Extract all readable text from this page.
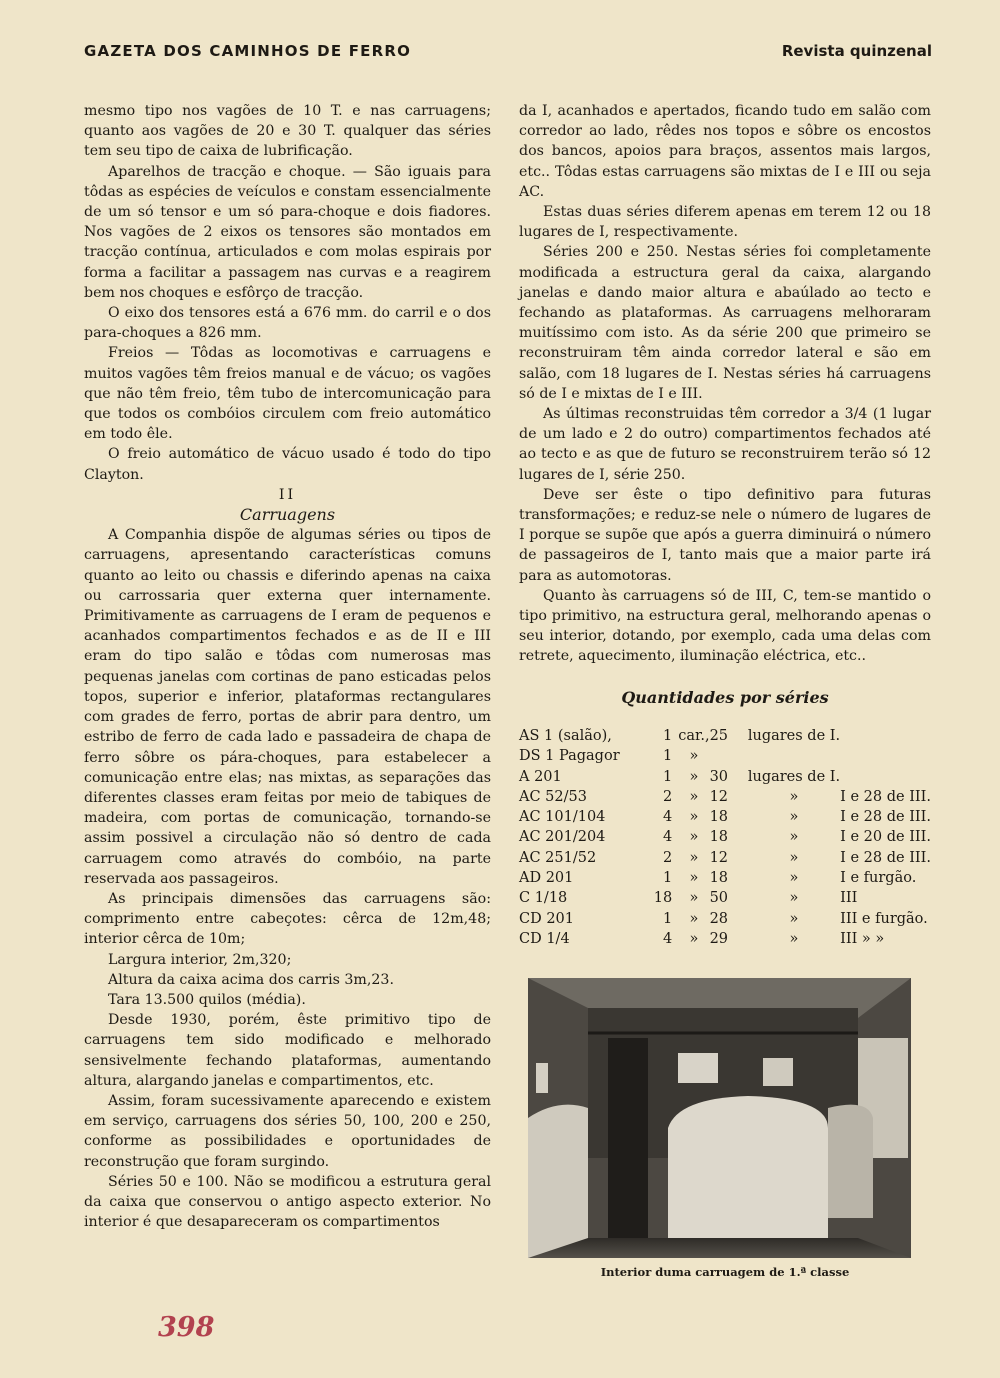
GAZETA DOS CAMINHOS DE FERRO	Revista quinzenal

mesmo tipo nos vagões de 10 T. e nas carruagens; quanto aos vagões de 20 e 30 T. qualquer das séries tem seu tipo de caixa de lubrificação.

Aparelhos de tracção e choque. — São iguais para tôdas as espécies de veículos e constam essencialmente de um só tensor e um só para-choque e dois fiadores. Nos vagões de 2 eixos os tensores são montados em tracção contínua, articulados e com molas espirais por forma a facilitar a passagem nas curvas e a reagirem bem nos choques e esfôrço de tracção.

O eixo dos tensores está a 676 mm. do carril e o dos para-choques a 826 mm.

Freios — Tôdas as locomotivas e carruagens e muitos vagões têm freios manual e de vácuo; os vagões que não têm freio, têm tubo de intercomunicação para que todos os combóios circulem com freio automático em todo êle.

O freio automático de vácuo usado é todo do tipo Clayton.

II

Carruagens

A Companhia dispõe de algumas séries ou tipos de carruagens, apresentando características comuns quanto ao leito ou chassis e diferindo apenas na caixa ou carrossaria quer externa quer internamente. Primitivamente as carruagens de I eram de pequenos e acanhados compartimentos fechados e as de II e III eram do tipo salão e tôdas com numerosas mas pequenas janelas com cortinas de pano esticadas pelos topos, superior e inferior, plataformas rectangulares com grades de ferro, portas de abrir para dentro, um estribo de ferro de cada lado e passadeira de chapa de ferro sôbre os pára-choques, para estabelecer a comunicação entre elas; nas mixtas, as separações das diferentes classes eram feitas por meio de tabiques de madeira, com portas de comunicação, tornando-se assim possivel a circulação não só dentro de cada carruagem como através do combóio, na parte reservada aos passageiros.

As principais dimensões das carruagens são: comprimento entre cabeçotes: cêrca de 12m,48; interior cêrca de 10m;

Largura interior, 2m,320;

Altura da caixa acima dos carris 3m,23.

Tara 13.500 quilos (média).

Desde 1930, porém, êste primitivo tipo de carruagens tem sido modificado e melhorado sensivelmente fechando plataformas, aumentando altura, alargando janelas e compartimentos, etc.

Assim, foram sucessivamente aparecendo e existem em serviço, carruagens dos séries 50, 100, 200 e 250, conforme as possibilidades e oportunidades de reconstrução que foram surgindo.

Séries 50 e 100. Não se modificou a estrutura geral da caixa que conservou o antigo aspecto exterior. No interior é que desapareceram os compartimentos

da I, acanhados e apertados, ficando tudo em salão com corredor ao lado, rêdes nos topos e sôbre os encostos dos bancos, apoios para braços, assentos mais largos, etc.. Tôdas estas carruagens são mixtas de I e III ou seja AC.

Estas duas séries diferem apenas em terem 12 ou 18 lugares de I, respectivamente.

Séries 200 e 250. Nestas séries foi completamente modificada a estructura geral da caixa, alargando janelas e dando maior altura e abaúlado ao tecto e fechando as plataformas. As carruagens melhoraram muitíssimo com isto. As da série 200 que primeiro se reconstruiram têm ainda corredor lateral e são em salão, com 18 lugares de I. Nestas séries há carruagens só de I e mixtas de I e III.

As últimas reconstruidas têm corredor a 3/4 (1 lugar de um lado e 2 do outro) compartimentos fechados até ao tecto e as que de futuro se reconstruirem terão só 12 lugares de I, série 250.

Deve ser êste o tipo definitivo para futuras transformações; e reduz-se nele o número de lugares de I porque se supõe que após a guerra diminuirá o número de passageiros de I, tanto mais que a maior parte irá para as automotoras.

Quanto às carruagens só de III, C, tem-se mantido o tipo primitivo, na estructura geral, melhorando apenas o seu interior, dotando, por exemplo, cada uma delas com retrete, aquecimento, iluminação eléctrica, etc..

Quantidades por séries
AS 1 (salão),	1	car.,	25	lugares de I.	
DS 1 Pagagor	1	»			
A 201	1	»	30	lugares de I.	
AC 52/53	2	»	12	»	I e 28 de III.
AC 101/104	4	»	18	»	I e 28 de III.
AC 201/204	4	»	18	»	I e 20 de III.
AC 251/52	2	»	12	»	I e 28 de III.
AD 201	1	»	18	»	I e furgão.
C 1/18	18	»	50	»	III
CD 201	1	»	28	»	III e furgão.
CD 1/4	4	»	29	»	III » »
Interior duma carruagem de 1.ª classe
398
